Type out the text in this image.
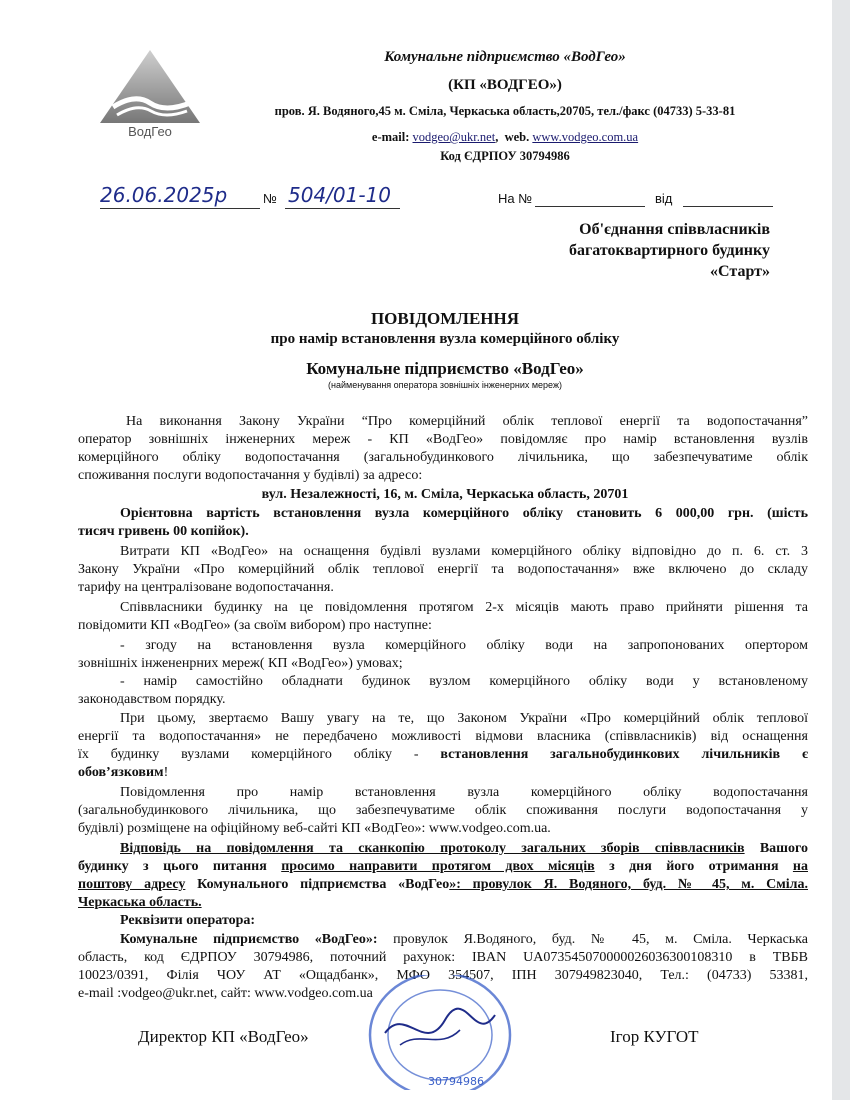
ВодГео
Комунальне підприємство «ВодГео»
(КП «ВОДГЕО»)
пров. Я. Водяного,45 м. Сміла, Черкаська область,20705, тел./факс (04733) 5-33-81
e-mail: vodgeo@ukr.net,  web. www.vodgeo.com.ua
Код ЄДРПОУ 30794986
26.06.2025р	№ 504/01-10	На №	від
Об'єднання співвласників
багатоквартирного будинку
«Старт»
ПОВІДОМЛЕННЯ
про намір встановлення вузла комерційного обліку
Комунальне підприємство «ВодГео»
(найменування оператора зовнішніх інженерних мереж)
На виконання Закону України “Про комерційний облік теплової енергії та водопостачання”
оператор зовнішніх інженерних мереж - КП «ВодГео» повідомляє про намір встановлення вузлів
комерційного обліку водопостачання (загальнобудинкового лічильника, що забезпечуватиме облік
споживання послуги водопостачання у будівлі) за адресо:
вул. Незалежності, 16, м. Сміла, Черкаська область, 20701
Орієнтовна вартість встановлення вузла комерційного обліку становить 6 000,00 грн. (шість
тисяч гривень 00 копійок).
Витрати КП «ВодГео» на оснащення будівлі вузлами комерційного обліку відповідно до п. 6. ст. 3
Закону України «Про комерційний облік теплової енергії та водопостачання» вже включено до складу
тарифу на централізоване водопостачання.
Співвласники будинку на це повідомлення протягом 2-х місяців мають право прийняти рішення та
повідомити КП «ВодГео» (за своїм вибором) про наступне:
- згоду на встановлення вузла комерційного обліку води на запропонованих опертором
зовнішніх інжененрних мереж( КП «ВодГео») умовах;
- намір самостійно обладнати будинок вузлом комерційного обліку води у встановленому
законодавством порядку.
При цьому, звертаємо Вашу увагу на те, що Законом України «Про комерційний облік теплової
енергії та водопостачання» не передбачено можливості відмови власника (співвласників) від оснащення
їх будинку вузлами комерційного обліку - встановлення загальнобудинкових лічильників є
обов’язковим!
Повідомлення про намір встановлення вузла комерційного обліку водопостачання
(загальнобудинкового лічильника, що забезпечуватиме облік споживання послуги водопостачання у
будівлі) розміщене на офіційному веб-сайті КП «ВодГео»: www.vodgeo.com.ua.
Відповідь на повідомлення та сканкопію протоколу загальних зборів співвласників Вашого
будинку з цього питання просимо направити протягом двох місяців з дня його отримання на
поштову адресу Комунального підприємства «ВодГео»: провулок Я. Водяного, буд. № 45, м. Сміла.
Черкаська область.
Реквізити оператора:
Комунальне підприємство «ВодГео»: провулок Я.Водяного, буд. № 45, м. Сміла. Черкаська
область, код ЄДРПОУ 30794986, поточний рахунок: IBAN UA073545070000026036300108310 в ТВБВ
10023/0391, Філія ЧОУ АТ «Ощадбанк», МФО 354507, ІПН 307949823040, Тел.: (04733) 53381,
e-mail :vodgeo@ukr.net, сайт: www.vodgeo.com.ua
Директор КП «ВодГео»	Ігор КУГОТ
30794986
